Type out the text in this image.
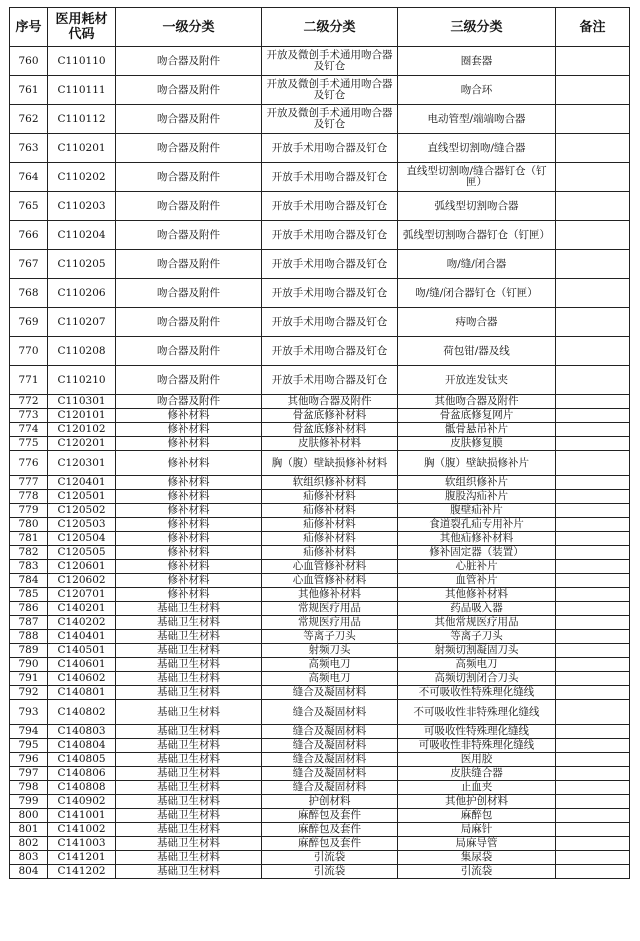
序号	医用耗材代码	一级分类	二级分类	三级分类	备注
760	C110110	吻合器及附件	开放及微创手术通用吻合器及钉仓	圈套器	
761	C110111	吻合器及附件	开放及微创手术通用吻合器及钉仓	吻合环	
762	C110112	吻合器及附件	开放及微创手术通用吻合器及钉仓	电动管型/端端吻合器	
763	C110201	吻合器及附件	开放手术用吻合器及钉仓	直线型切割吻/缝合器	
764	C110202	吻合器及附件	开放手术用吻合器及钉仓	直线型切割吻/缝合器钉仓（钉匣）	
765	C110203	吻合器及附件	开放手术用吻合器及钉仓	弧线型切割吻合器	
766	C110204	吻合器及附件	开放手术用吻合器及钉仓	弧线型切割吻合器钉仓（钉匣）	
767	C110205	吻合器及附件	开放手术用吻合器及钉仓	吻/缝/闭合器	
768	C110206	吻合器及附件	开放手术用吻合器及钉仓	吻/缝/闭合器钉仓（钉匣）	
769	C110207	吻合器及附件	开放手术用吻合器及钉仓	痔吻合器	
770	C110208	吻合器及附件	开放手术用吻合器及钉仓	荷包钳/器及线	
771	C110210	吻合器及附件	开放手术用吻合器及钉仓	开放连发钛夹	
772	C110301	吻合器及附件	其他吻合器及附件	其他吻合器及附件	
773	C120101	修补材料	骨盆底修补材料	骨盆底修复网片	
774	C120102	修补材料	骨盆底修补材料	骶骨悬吊补片	
775	C120201	修补材料	皮肤修补材料	皮肤修复膜	
776	C120301	修补材料	胸（腹）壁缺损修补材料	胸（腹）壁缺损修补片	
777	C120401	修补材料	软组织修补材料	软组织修补片	
778	C120501	修补材料	疝修补材料	腹股沟疝补片	
779	C120502	修补材料	疝修补材料	腹壁疝补片	
780	C120503	修补材料	疝修补材料	食道裂孔疝专用补片	
781	C120504	修补材料	疝修补材料	其他疝修补材料	
782	C120505	修补材料	疝修补材料	修补固定器（装置）	
783	C120601	修补材料	心血管修补材料	心脏补片	
784	C120602	修补材料	心血管修补材料	血管补片	
785	C120701	修补材料	其他修补材料	其他修补材料	
786	C140201	基础卫生材料	常规医疗用品	药品吸入器	
787	C140202	基础卫生材料	常规医疗用品	其他常规医疗用品	
788	C140401	基础卫生材料	等离子刀头	等离子刀头	
789	C140501	基础卫生材料	射频刀头	射频切割凝固刀头	
790	C140601	基础卫生材料	高频电刀	高频电刀	
791	C140602	基础卫生材料	高频电刀	高频切割闭合刀头	
792	C140801	基础卫生材料	缝合及凝固材料	不可吸收性特殊理化缝线	
793	C140802	基础卫生材料	缝合及凝固材料	不可吸收性非特殊理化缝线	
794	C140803	基础卫生材料	缝合及凝固材料	可吸收性特殊理化缝线	
795	C140804	基础卫生材料	缝合及凝固材料	可吸收性非特殊理化缝线	
796	C140805	基础卫生材料	缝合及凝固材料	医用胶	
797	C140806	基础卫生材料	缝合及凝固材料	皮肤缝合器	
798	C140808	基础卫生材料	缝合及凝固材料	止血夹	
799	C140902	基础卫生材料	护创材料	其他护创材料	
800	C141001	基础卫生材料	麻醉包及套件	麻醉包	
801	C141002	基础卫生材料	麻醉包及套件	局麻针	
802	C141003	基础卫生材料	麻醉包及套件	局麻导管	
803	C141201	基础卫生材料	引流袋	集尿袋	
804	C141202	基础卫生材料	引流袋	引流袋	
